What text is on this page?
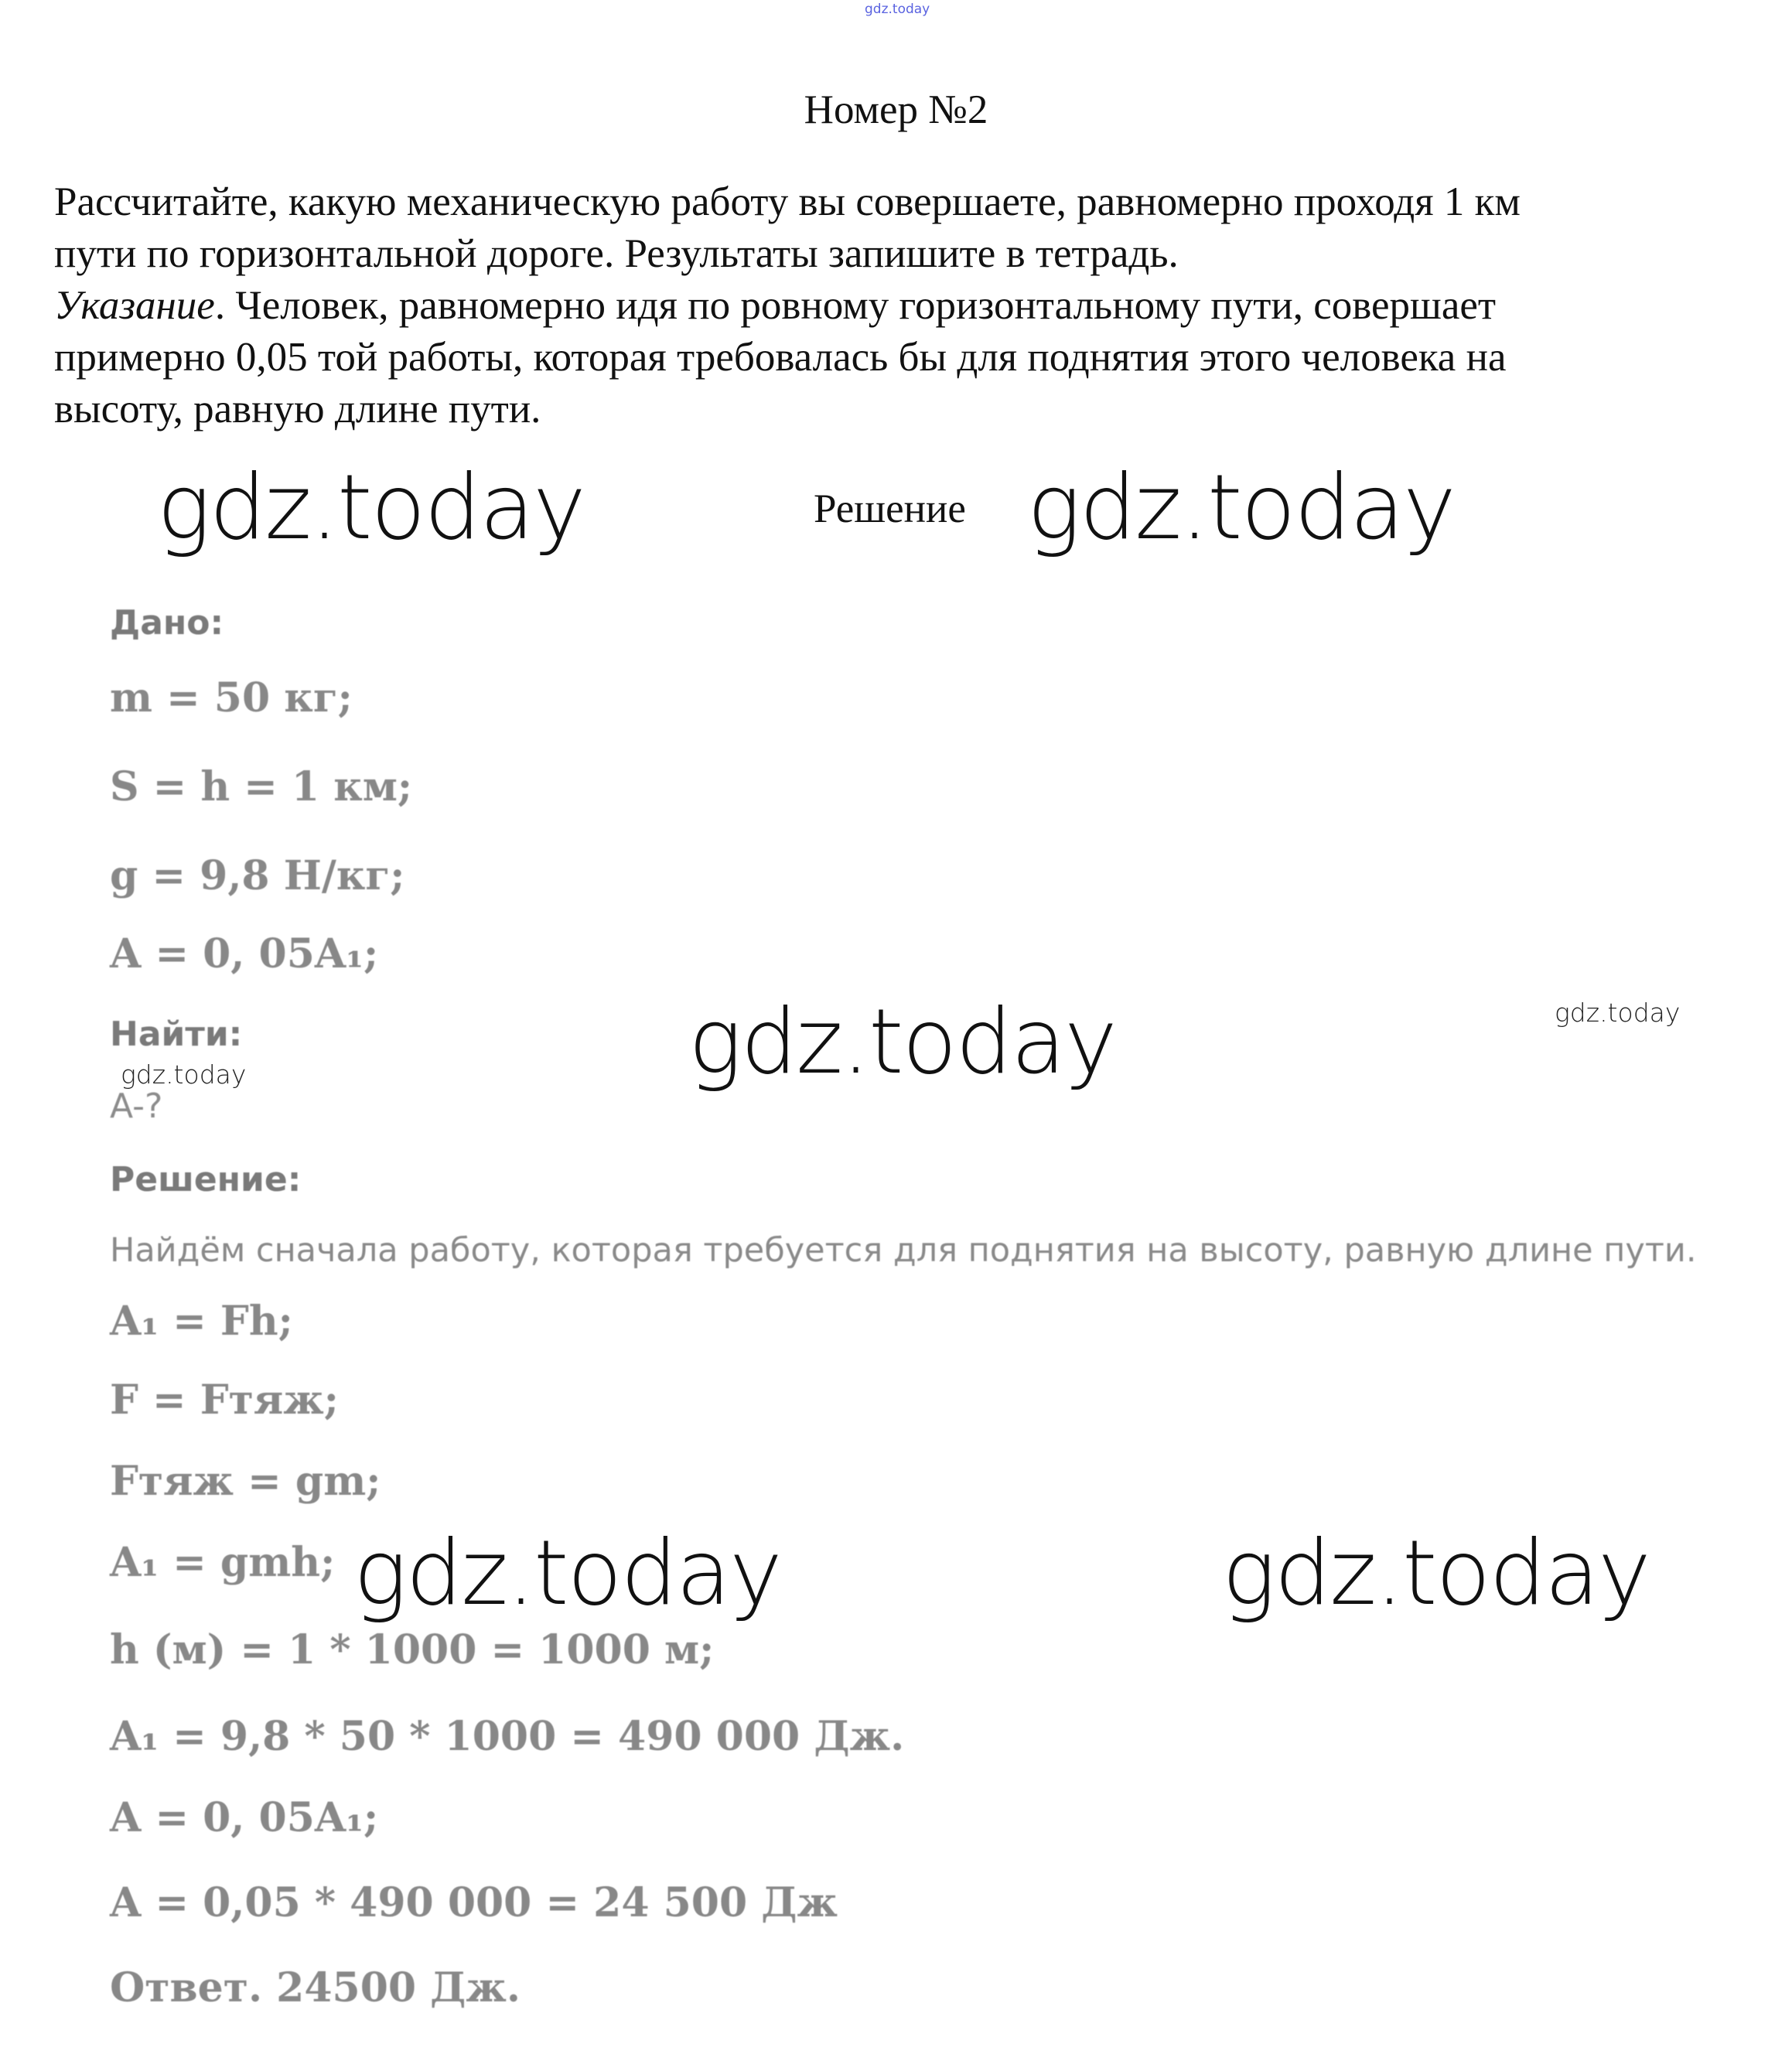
gdz.today
Номер №2

Рассчитайте, какую механическую работу вы совершаете, равномерно проходя 1 км

пути по горизонтальной дороге. Результаты запишите в тетрадь.

Указание. Человек, равномерно идя по ровному горизонтальному пути, совершает

примерно 0,05 той работы, которая требовалась бы для поднятия этого человека на

высоту, равную длине пути.

gdz.today	Решение gdz.today
Дано:
m = 50 кг;
S = h = 1 км;
g = 9,8 Н/кг;
A = 0, 05A₁;
Найти:
gdz.today
A-?
gdz.today	gdz.today
Решение:
Найдём сначала работу, которая требуется для поднятия на высоту, равную длине пути.
A₁ = Fh;
F = Fтяж;
Fтяж = gm;
A₁ = gmh; gdz.today	gdz.today
h (м) = 1 * 1000 = 1000 м;
A₁ = 9,8 * 50 * 1000 = 490 000 Дж.
A = 0, 05A₁;
A = 0,05 * 490 000 = 24 500 Дж
Ответ. 24500 Дж.
